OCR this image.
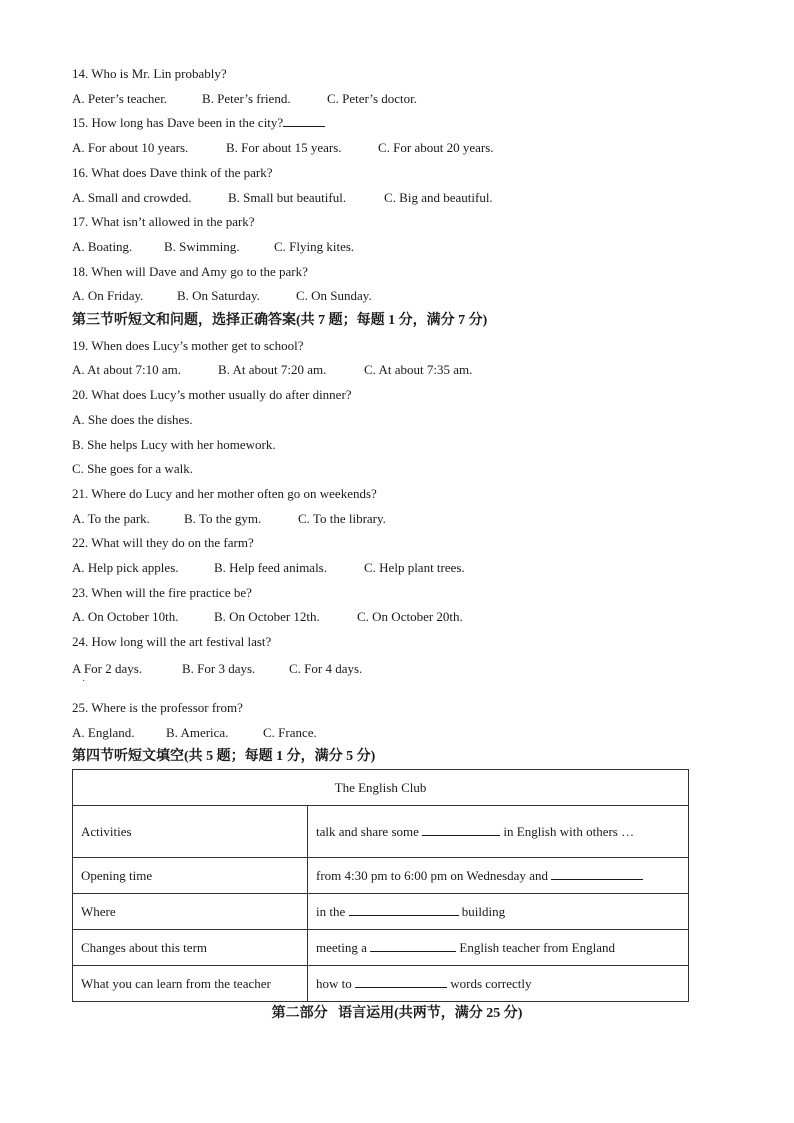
14. Who is Mr. Lin probably?
A. Peter’s teacher.	B. Peter’s friend.	C. Peter’s doctor.
15. How long has Dave been in the city?
A. For about 10 years.	B. For about 15 years.	C. For about 20 years.
16. What does Dave think of the park?
A. Small and crowded.	B. Small but beautiful.	C. Big and beautiful.
17. What isn’t allowed in the park?
A. Boating. B. Swimming.	C. Flying kites.
18. When will Dave and Amy go to the park?
A. On Friday.	B. On Saturday.	C. On Sunday.
第三节听短文和问题，选择正确答案(共 7 题；每题 1 分，满分 7 分)
19. When does Lucy’s mother get to school?
A. At about 7:10 am.	B. At about 7:20 am.	C. At about 7:35 am.
20. What does Lucy’s mother usually do after dinner?
A. She does the dishes.
B. She helps Lucy with her homework.
C. She goes for a walk.
21. Where do Lucy and her mother often go on weekends?
A. To the park.	B. To the gym.	C. To the library.
22. What will they do on the farm?
A. Help pick apples.	B. Help feed animals.	C. Help plant trees.
23. When will the fire practice be?
A. On October 10th.	B. On October 12th.	C. On October 20th.
24. How long will the art festival last?
A For 2 days.	B. For 3 days.	C. For 4 days.
·
25. Where is the professor from?
A. England. B. America.	C. France.
第四节听短文填空(共 5 题；每题 1 分，满分 5 分)
The English Club	
Activities	talk and share some in English with others …
Opening time	from 4:30 pm to 6:00 pm on Wednesday and
Where	in the building
Changes about this term	meeting a English teacher from England
What you can learn from the teacher	how to words correctly
第二部分   语言运用(共两节，满分 25 分)
